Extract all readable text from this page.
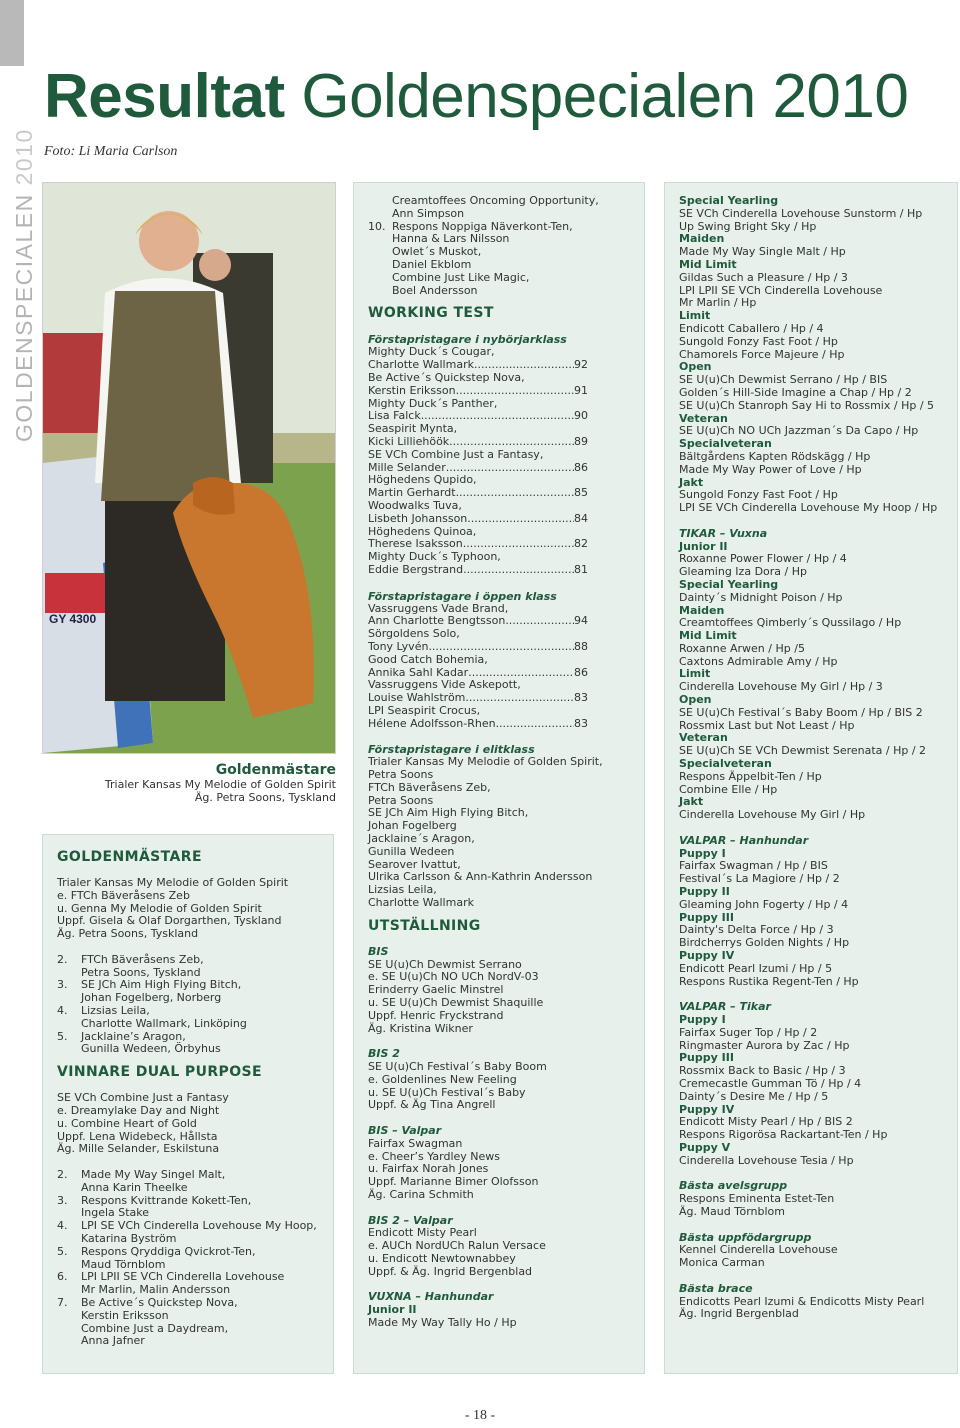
GOLDENSPECIALEN 2010
Resultat Goldenspecialen 2010
Foto: Li Maria Carlson
GY 4300
Goldenmästare
Trialer Kansas My Melodie of Golden Spirit
Äg. Petra Soons, Tyskland
GOLDENMÄSTARE
Trialer Kansas My Melodie of Golden Spirit
e. FTCh Bäveråsens Zeb
u. Genna My Melodie of Golden Spirit
Uppf. Gisela & Olaf Dorgarthen, Tyskland
Äg. Petra Soons, Tyskland
2.	FTCh Bäveråsens Zeb,
Petra Soons, Tyskland
3.	SE JCh Aim High Flying Bitch,
Johan Fogelberg, Norberg
4.	Lizsias Leila,
Charlotte Wallmark, Linköping
5.	Jacklaine’s Aragon,
Gunilla Wedeen, Örbyhus
VINNARE DUAL PURPOSE
SE VCh Combine Just a Fantasy
e. Dreamylake Day and Night
u. Combine Heart of Gold
Uppf. Lena Widebeck, Hållsta
Äg. Mille Selander, Eskilstuna
2.	Made My Way Singel Malt,
Anna Karin Theelke
3.	Respons Kvittrande Kokett-Ten,
Ingela Stake
4.	LPI SE VCh Cinderella Lovehouse My Hoop,
Katarina Byström
5.	Respons Qryddiga Qvickrot-Ten,
Maud Törnblom
6.	LPI LPII SE VCh Cinderella Lovehouse
Mr Marlin, Malin Andersson
7.	Be Active´s Quickstep Nova,
Kerstin Eriksson
Combine Just a Daydream,
Anna Jafner
Creamtoffees Oncoming Opportunity,
Ann Simpson
10. Respons Noppiga Näverkont-Ten,
Hanna & Lars Nilsson
Owlet´s Muskot,
Daniel Ekblom
Combine Just Like Magic,
Boel Andersson
WORKING TEST
Förstapristagare i nybörjarklass
Mighty Duck´s Cougar,
Charlotte Wallmark .....	92
Be Active´s Quickstep Nova,
Kerstin Eriksson .....	91
Mighty Duck´s Panther,
Lisa Falck .....	90
Seaspirit Mynta,
Kicki Lilliehöök .....	89
SE VCh Combine Just a Fantasy,
Mille Selander .....	86
Höghedens Qupido,
Martin Gerhardt .....	85
Woodwalks Tuva,
Lisbeth Johansson .....	84
Höghedens Quinoa,
Therese Isaksson .....	82
Mighty Duck´s Typhoon,
Eddie Bergstrand .....	81
Förstapristagare i öppen klass
Vassruggens Vade Brand,
Ann Charlotte Bengtsson .....	94
Sörgoldens Solo,
Tony Lyvén .....	88
Good Catch Bohemia,
Annika Sahl Kadar .....	86
Vassruggens Vide Askepott,
Louise Wahlström .....	83
LPI Seaspirit Crocus,
Hélene Adolfsson-Rhen .....	83
Förstapristagare i elitklass
Trialer Kansas My Melodie of Golden Spirit,
Petra Soons
FTCh Bäveråsens Zeb,
Petra Soons
SE JCh Aim High Flying Bitch,
Johan Fogelberg
Jacklaine´s Aragon,
Gunilla Wedeen
Searover Ivattut,
Ulrika Carlsson & Ann-Kathrin Andersson
Lizsias Leila,
Charlotte Wallmark
UTSTÄLLNING
BIS
SE U(u)Ch Dewmist Serrano
e. SE U(u)Ch NO UCh NordV-03
Erinderry Gaelic Minstrel
u. SE U(u)Ch Dewmist Shaquille
Uppf. Henric Fryckstrand
Äg. Kristina Wikner
BIS 2
SE U(u)Ch Festival´s Baby Boom
e. Goldenlines New Feeling
u. SE U(u)Ch Festival´s Baby
Uppf. & Äg Tina Angrell
BIS – Valpar
Fairfax Swagman
e. Cheer’s Yardley News
u. Fairfax Norah Jones
Uppf. Marianne Bimer Olofsson
Äg. Carina Schmith
BIS 2 – Valpar
Endicott Misty Pearl
e. AUCh NordUCh Ralun Versace
u. Endicott Newtownabbey
Uppf. & Äg. Ingrid Bergenblad
VUXNA – Hanhundar
Junior II
Made My Way Tally Ho / Hp
Special Yearling
SE VCh Cinderella Lovehouse Sunstorm / Hp
Up Swing Bright Sky / Hp
Maiden
Made My Way Single Malt / Hp
Mid Limit
Gildas Such a Pleasure / Hp / 3
LPI LPII SE VCh Cinderella Lovehouse
Mr Marlin / Hp
Limit
Endicott Caballero / Hp / 4
Sungold Fonzy Fast Foot / Hp
Chamorels Force Majeure / Hp
Open
SE U(u)Ch Dewmist Serrano / Hp / BIS
Golden´s Hill-Side Imagine a Chap / Hp / 2
SE U(u)Ch Stanroph Say Hi to Rossmix / Hp / 5
Veteran
SE U(u)Ch NO UCh Jazzman´s Da Capo / Hp
Specialveteran
Bältgårdens Kapten Rödskägg / Hp
Made My Way Power of Love / Hp
Jakt
Sungold Fonzy Fast Foot / Hp
LPI SE VCh Cinderella Lovehouse My Hoop / Hp
TIKAR – Vuxna
Junior II
Roxanne Power Flower / Hp / 4
Gleaming Iza Dora / Hp
Special Yearling
Dainty´s Midnight Poison / Hp
Maiden
Creamtoffees Qimberly´s Qussilago / Hp
Mid Limit
Roxanne Arwen / Hp /5
Caxtons Admirable Amy / Hp
Limit
Cinderella Lovehouse My Girl / Hp / 3
Open
SE U(u)Ch Festival´s Baby Boom / Hp / BIS 2
Rossmix Last but Not Least / Hp
Veteran
SE U(u)Ch SE VCh Dewmist Serenata / Hp / 2
Specialveteran
Respons Äppelbit-Ten / Hp
Combine Elle / Hp
Jakt
Cinderella Lovehouse My Girl / Hp
VALPAR – Hanhundar
Puppy I
Fairfax Swagman / Hp / BIS
Festival´s La Magiore / Hp / 2
Puppy II
Gleaming John Fogerty / Hp / 4
Puppy III
Dainty's Delta Force / Hp / 3
Birdcherrys Golden Nights / Hp
Puppy IV
Endicott Pearl Izumi / Hp / 5
Respons Rustika Regent-Ten / Hp
VALPAR – Tikar
Puppy I
Fairfax Suger Top / Hp / 2
Ringmaster Aurora by Zac / Hp
Puppy III
Rossmix Back to Basic / Hp / 3
Cremecastle Gumman Tö / Hp / 4
Dainty´s Desire Me / Hp / 5
Puppy IV
Endicott Misty Pearl / Hp / BIS 2
Respons Rigorösa Rackartant-Ten / Hp
Puppy V
Cinderella Lovehouse Tesia / Hp
Bästa avelsgrupp
Respons Eminenta Estet-Ten
Äg. Maud Törnblom
Bästa uppfödargrupp
Kennel Cinderella Lovehouse
Monica Carman
Bästa brace
Endicotts Pearl Izumi & Endicotts Misty Pearl
Äg. Ingrid Bergenblad
- 18 -
